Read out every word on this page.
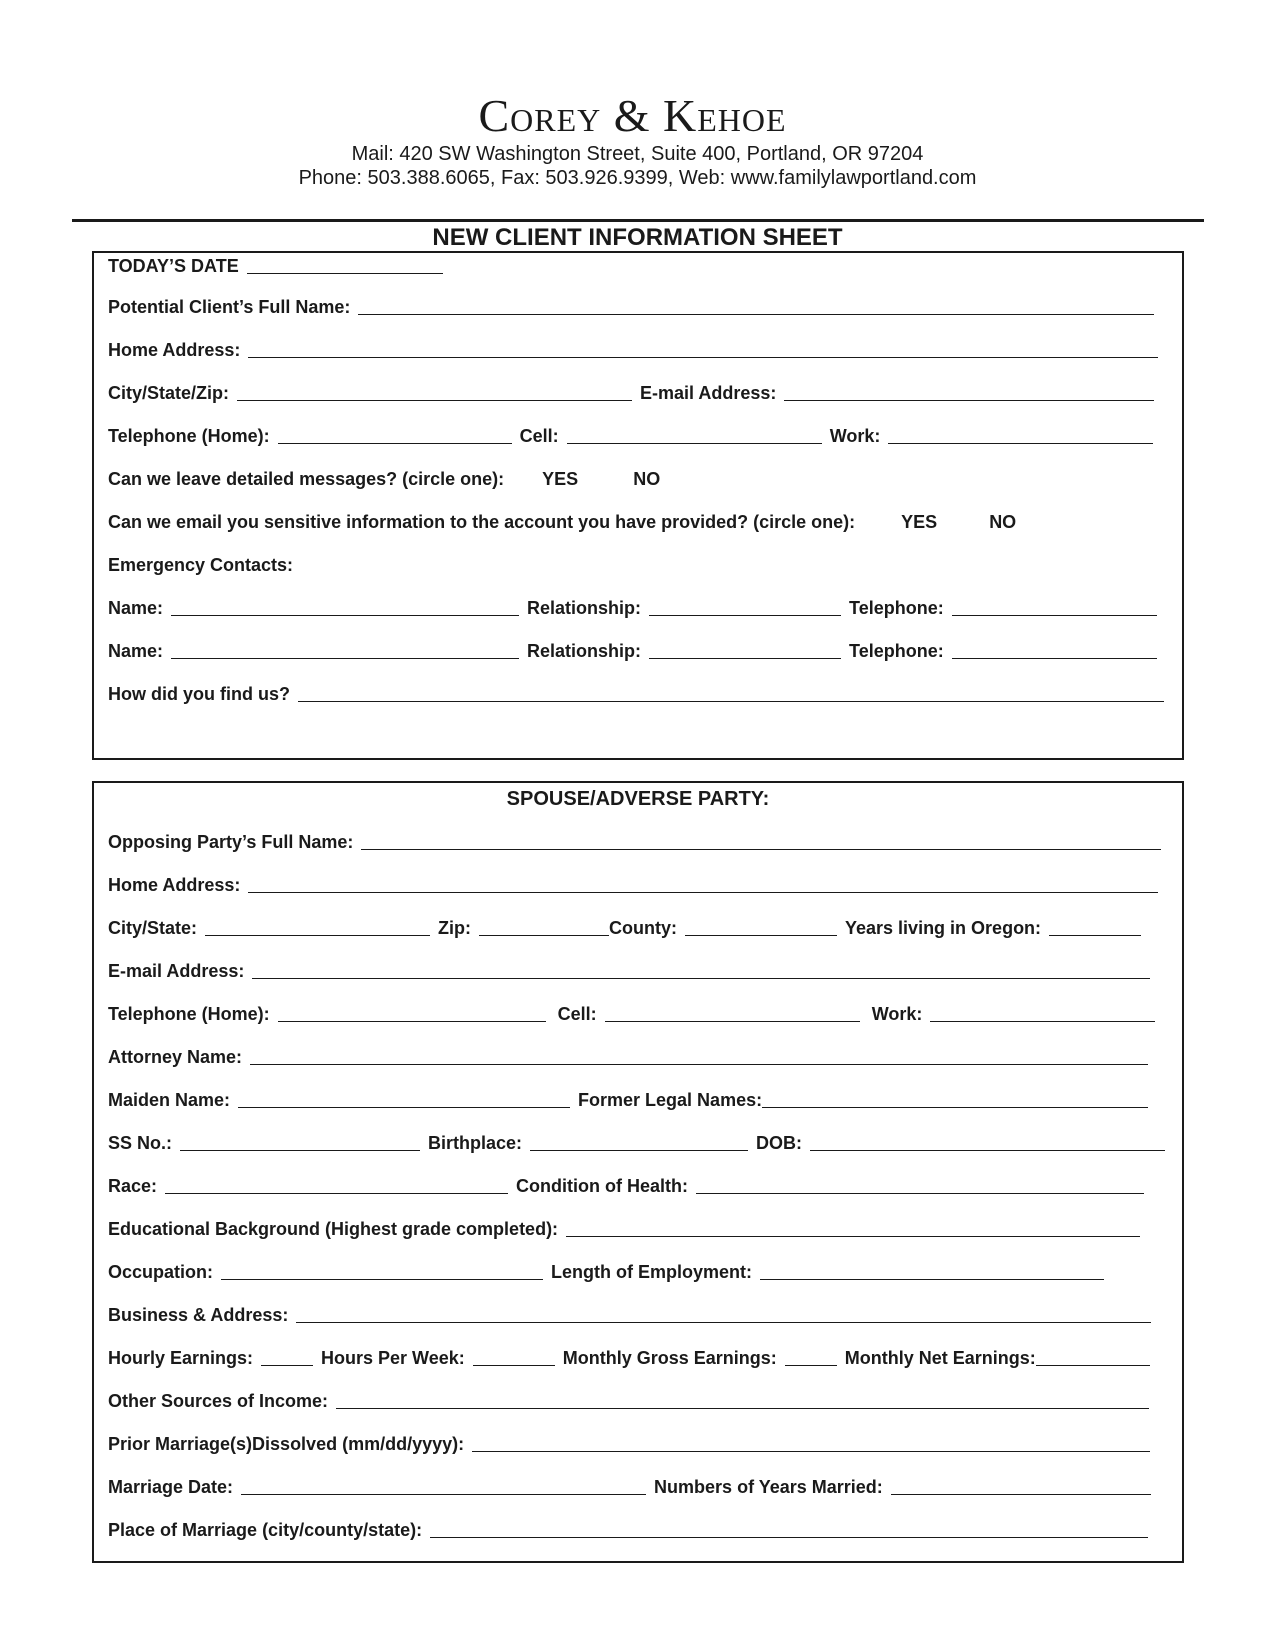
Corey & Kehoe
Mail: 420 SW Washington Street, Suite 400, Portland, OR 97204
Phone: 503.388.6065, Fax: 503.926.9399, Web: www.familylawportland.com
NEW CLIENT INFORMATION SHEET
TODAY’S DATE
Potential Client’s Full Name:
Home Address:
City/State/Zip:	E-mail Address:
Telephone (Home):	Cell:	Work:
Can we leave detailed messages? (circle one): YES	NO
Can we email you sensitive information to the account you have provided? (circle one):	YES	NO
Emergency Contacts:
Name:	Relationship:	Telephone:
Name:	Relationship:	Telephone:
How did you find us?
SPOUSE/ADVERSE PARTY:
Opposing Party’s Full Name:
Home Address:
City/State:	Zip:	County:	Years living in Oregon:
E-mail Address:
Telephone (Home):	Cell:	Work:
Attorney Name:
Maiden Name:	Former Legal Names:
SS No.:	Birthplace:	DOB:
Race:	Condition of Health:
Educational Background (Highest grade completed):
Occupation:	Length of Employment:
Business & Address:
Hourly Earnings:	Hours Per Week:	Monthly Gross Earnings:	Monthly Net Earnings:
Other Sources of Income:
Prior Marriage(s)Dissolved (mm/dd/yyyy):
Marriage Date:	Numbers of Years Married:
Place of Marriage (city/county/state):
